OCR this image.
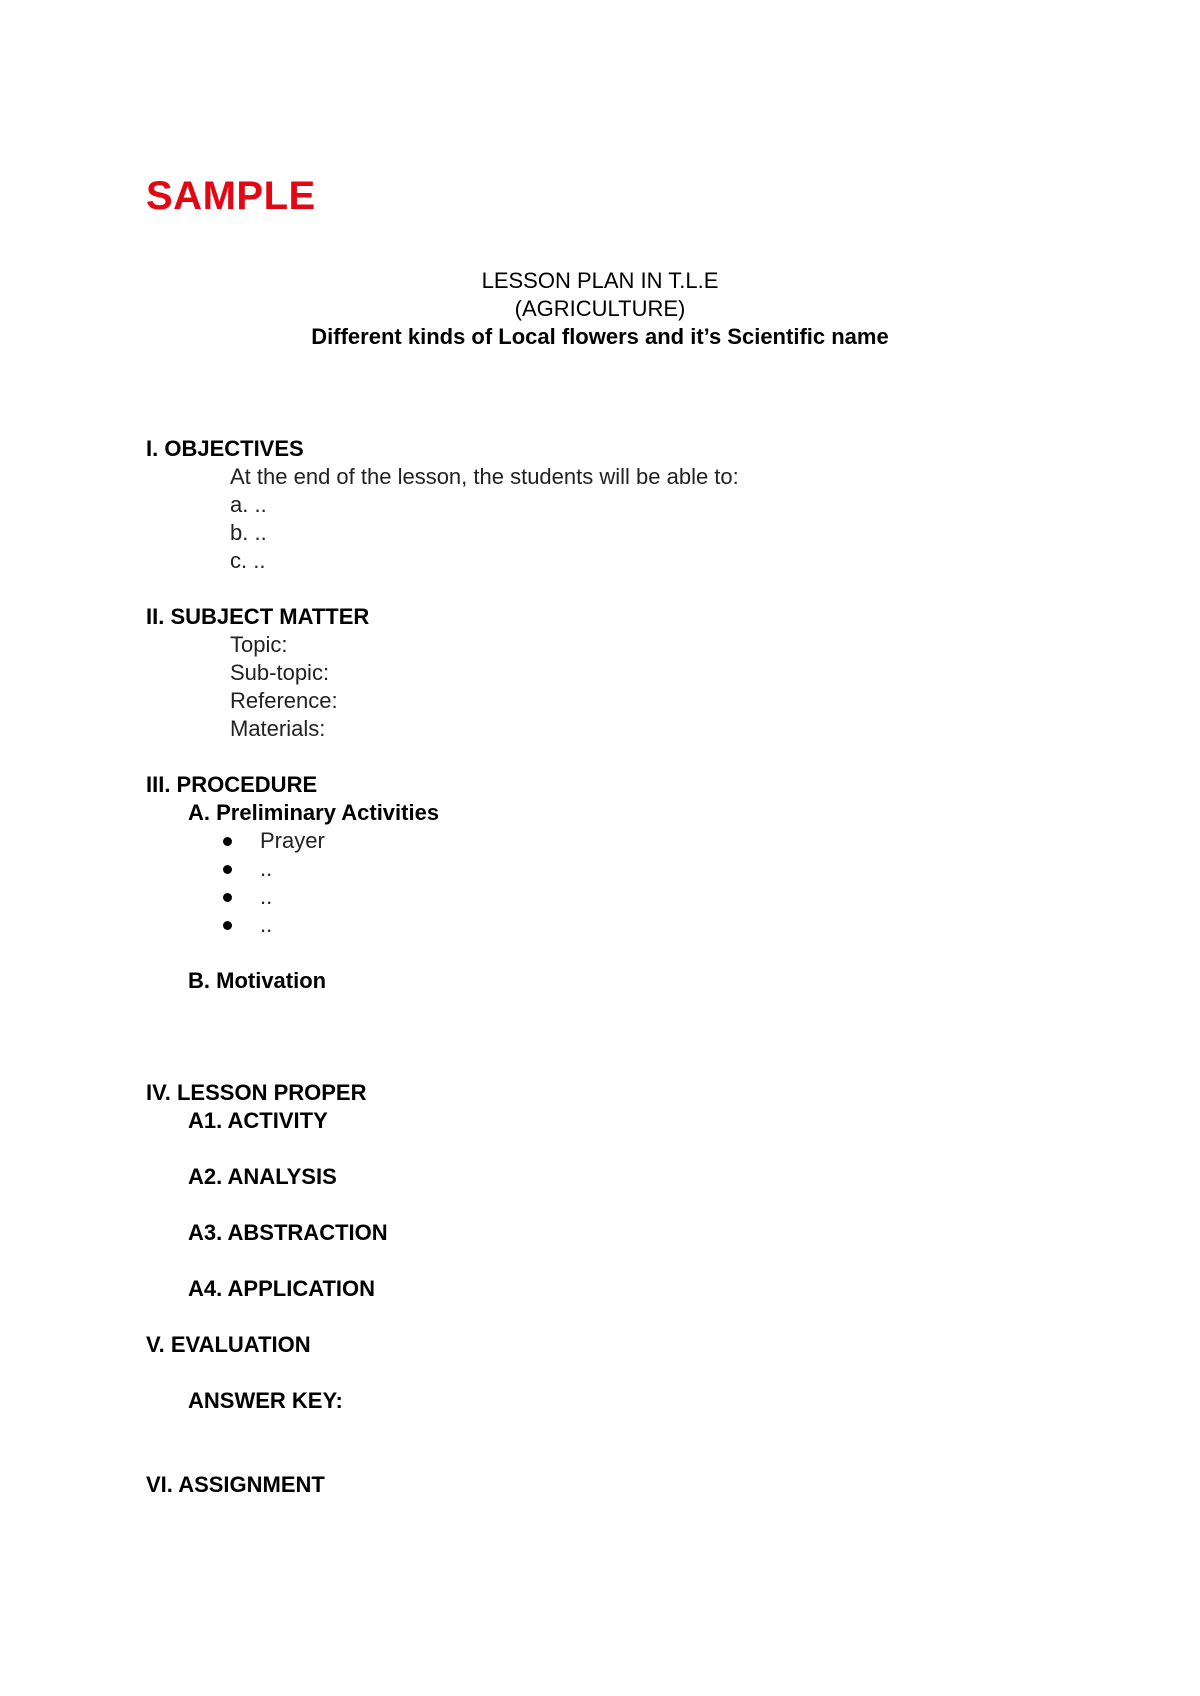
SAMPLE
LESSON PLAN IN T.L.E
(AGRICULTURE)
Different kinds of Local flowers and it’s Scientific name
I. OBJECTIVES
At the end of the lesson, the students will be able to:
a. ..
b. ..
c. ..
II. SUBJECT MATTER
Topic:
Sub-topic:
Reference:
Materials:
III. PROCEDURE
A. Preliminary Activities
Prayer
..
..
..
B. Motivation
IV. LESSON PROPER
A1. ACTIVITY
A2. ANALYSIS
A3. ABSTRACTION
A4. APPLICATION
V. EVALUATION
ANSWER KEY:
VI. ASSIGNMENT
